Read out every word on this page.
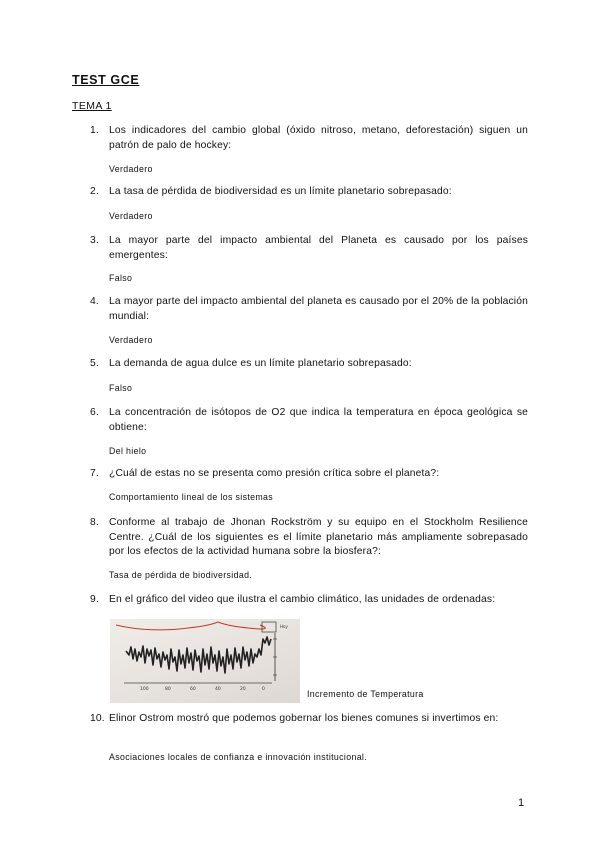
TEST GCE
TEMA 1
1. Los indicadores del cambio global (óxido nitroso, metano, deforestación) siguen un patrón de palo de hockey:
Verdadero
2. La tasa de pérdida de biodiversidad es un límite planetario sobrepasado:
Verdadero
3. La mayor parte del impacto ambiental del Planeta es causado por los países emergentes:
Falso
4. La mayor parte del impacto ambiental del planeta es causado por el 20% de la población mundial:
Verdadero
5. La demanda de agua dulce es un límite planetario sobrepasado:
Falso
6. La concentración de isótopos de O2 que indica la temperatura en época geológica se obtiene:
Del hielo
7. ¿Cuál de estas no se presenta como presión crítica sobre el planeta?:
Comportamiento lineal de los sistemas
8. Conforme al trabajo de Jhonan Rockström y su equipo en el Stockholm Resilience Centre. ¿Cuál de los siguientes es el límite planetario más ampliamente sobrepasado por los efectos de la actividad humana sobre la biosfera?:
Tasa de pérdida de biodiversidad.
9. En el gráfico del video que ilustra el cambio climático, las unidades de ordenadas:
Hoy
100	80	60	40	20	0	Incremento de Temperatura
10. Elinor Ostrom mostró que podemos gobernar los bienes comunes si invertimos en:
Asociaciones locales de confianza e innovación institucional.
1
